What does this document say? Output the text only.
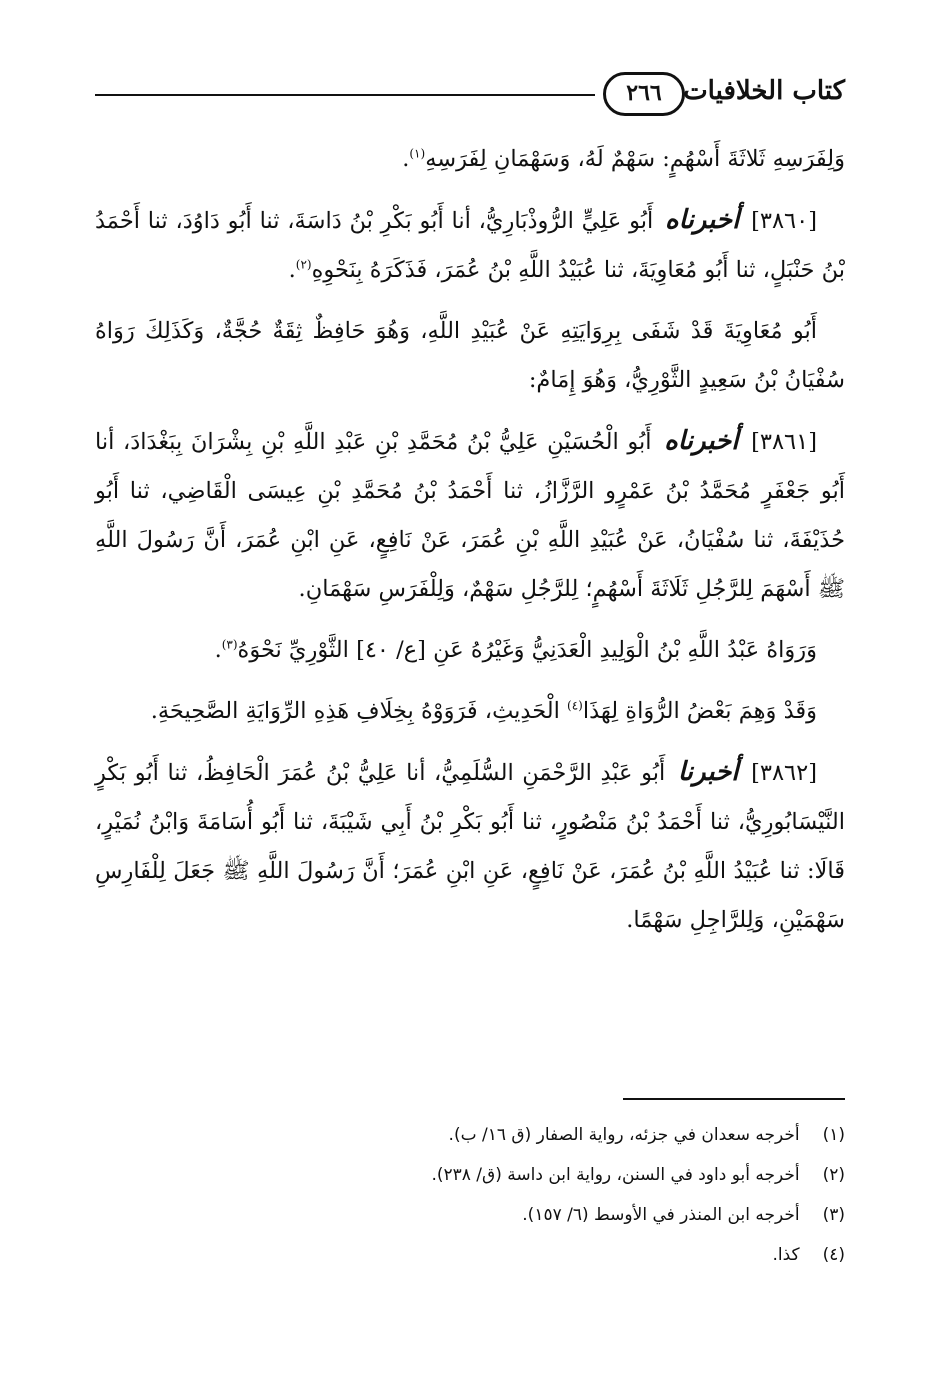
كتاب الخلافيات
٢٦٦

وَلِفَرَسِهِ ثَلاثَةَ أَسْهُمٍ: سَهْمٌ لَهُ، وَسَهْمَانِ لِفَرَسِهِ$^{(١)}$.

[٣٨٦٠] أخبرناه أَبُو عَلِيٍّ الرُّوذْبَارِيُّ، أنا أَبُو بَكْرِ بْنُ دَاسَةَ، ثنا أَبُو دَاوُدَ، ثنا أَحْمَدُ بْنُ حَنْبَلٍ، ثنا أَبُو مُعَاوِيَةَ، ثنا عُبَيْدُ اللَّهِ بْنُ عُمَرَ، فَذَكَرَهُ بِنَحْوِهِ$^{(٢)}$.

أَبُو مُعَاوِيَةَ قَدْ شَفَى بِرِوَايَتِهِ عَنْ عُبَيْدِ اللَّهِ، وَهُوَ حَافِظٌ ثِقَةٌ حُجَّةٌ، وَكَذَلِكَ رَوَاهُ سُفْيَانُ بْنُ سَعِيدٍ الثَّوْرِيُّ، وَهُوَ إِمَامٌ:

[٣٨٦١] أخبرناه أَبُو الْحُسَيْنِ عَلِيُّ بْنُ مُحَمَّدِ بْنِ عَبْدِ اللَّهِ بْنِ بِشْرَانَ بِبَغْدَادَ، أنا أَبُو جَعْفَرٍ مُحَمَّدُ بْنُ عَمْرٍو الرَّزَّازُ، ثنا أَحْمَدُ بْنُ مُحَمَّدِ بْنِ عِيسَى الْقَاضِي، ثنا أَبُو حُذَيْفَةَ، ثنا سُفْيَانُ، عَنْ عُبَيْدِ اللَّهِ بْنِ عُمَرَ، عَنْ نَافِعٍ، عَنِ ابْنِ عُمَرَ، أَنَّ رَسُولَ اللَّهِ ﷺ أَسْهَمَ لِلرَّجُلِ ثَلَاثَةَ أَسْهُمٍ؛ لِلرَّجُلِ سَهْمٌ، وَلِلْفَرَسِ سَهْمَانِ.

وَرَوَاهُ عَبْدُ اللَّهِ بْنُ الْوَلِيدِ الْعَدَنِيُّ وَغَيْرُهُ عَنِ [ع/ ٤٠] الثَّوْرِيِّ نَحْوَهُ$^{(٣)}$.

وَقَدْ وَهِمَ بَعْضُ الرُّوَاةِ لِهَذَا$^{(٤)}$ الْحَدِيثِ، فَرَوَوْهُ بِخِلَافِ هَذِهِ الرِّوَايَةِ الصَّحِيحَةِ.

[٣٨٦٢] أخبرنا أَبُو عَبْدِ الرَّحْمَنِ السُّلَمِيُّ، أنا عَلِيُّ بْنُ عُمَرَ الْحَافِظُ، ثنا أَبُو بَكْرٍ النَّيْسَابُورِيُّ، ثنا أَحْمَدُ بْنُ مَنْصُورٍ، ثنا أَبُو بَكْرِ بْنُ أَبِي شَيْبَةَ، ثنا أَبُو أُسَامَةَ وَابْنُ نُمَيْرٍ، قَالَا: ثنا عُبَيْدُ اللَّهِ بْنُ عُمَرَ، عَنْ نَافِعٍ، عَنِ ابْنِ عُمَرَ؛ أَنَّ رَسُولَ اللَّهِ ﷺ جَعَلَ لِلْفَارِسِ سَهْمَيْنِ، وَلِلرَّاجِلِ سَهْمًا.

(١) أخرجه سعدان في جزئه، رواية الصفار (ق ١٦/ ب).
(٢) أخرجه أبو داود في السنن، رواية ابن داسة (ق/ ٢٣٨).
(٣) أخرجه ابن المنذر في الأوسط (٦/ ١٥٧).
(٤) كذا.
